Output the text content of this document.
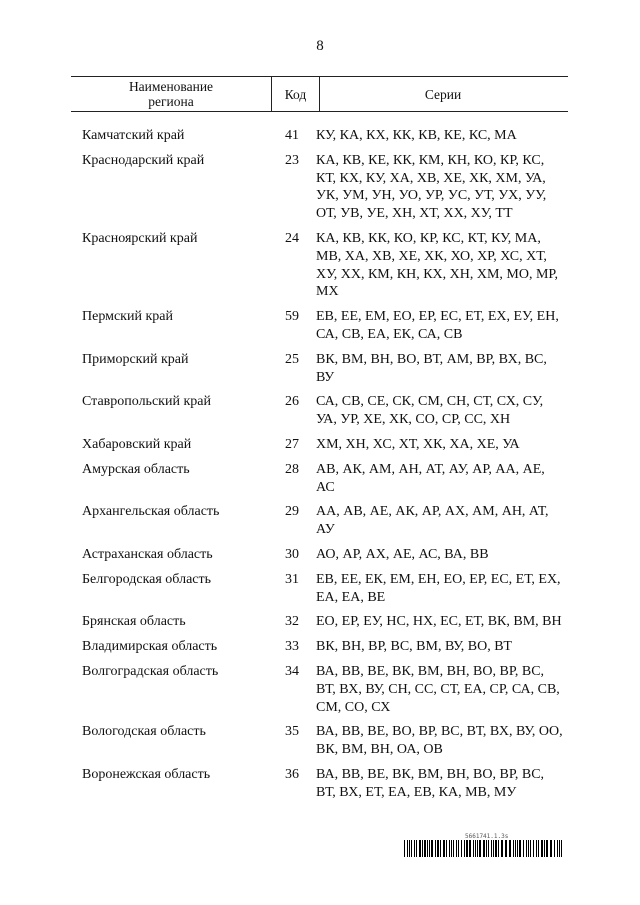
8
Наименование
региона	Код	Серии
Камчатский край	41	КУ, КА, КХ, КК, КВ, КЕ, КС, МА
Краснодарский край	23	КА, КВ, КЕ, КК, КМ, КН, КО, КР, КС, КТ, КХ, КУ, ХА, ХВ, ХЕ, ХК, ХМ, УА, УК, УМ, УН, УО, УР, УС, УТ, УХ, УУ, ОТ, УВ, УЕ, ХН, ХТ, ХХ, ХУ, ТТ
Красноярский край	24	КА, КВ, КК, КО, КР, КС, КТ, КУ, МА, МВ, ХА, ХВ, ХЕ, ХК, ХО, ХР, ХС, ХТ, ХУ, ХХ, КМ, КН, КХ, ХН, ХМ, МО, МР, МХ
Пермский край	59	ЕВ, ЕЕ, ЕМ, ЕО, ЕР, ЕС, ЕТ, ЕХ, ЕУ, ЕН, СА, СВ, ЕА, ЕК, СА, СВ
Приморский край	25	ВК, ВМ, ВН, ВО, ВТ, АМ, ВР, ВХ, ВС, ВУ
Ставропольский край	26	СА, СВ, СЕ, СК, СМ, СН, СТ, СХ, СУ, УА, УР, ХЕ, ХК, СО, СР, СС, ХН
Хабаровский край	27	ХМ, ХН, ХС, ХТ, ХК, ХА, ХЕ, УА
Амурская область	28	АВ, АК, АМ, АН, АТ, АУ, АР, АА, АЕ, АС
Архангельская область	29	АА, АВ, АЕ, АК, АР, АХ, АМ, АН, АТ, АУ
Астраханская область	30	АО, АР, АХ, АЕ, АС, ВА, ВВ
Белгородская область	31	ЕВ, ЕЕ, ЕК, ЕМ, ЕН, ЕО, ЕР, ЕС, ЕТ, ЕХ, ЕА, ЕА, ВЕ
Брянская область	32	ЕО, ЕР, ЕУ, НС, НХ, ЕС, ЕТ, ВК, ВМ, ВН
Владимирская область	33	ВК, ВН, ВР, ВС, ВМ, ВУ, ВО, ВТ
Волгоградская область	34	ВА, ВВ, ВЕ, ВК, ВМ, ВН, ВО, ВР, ВС, ВТ, ВХ, ВУ, СН, СС, СТ, ЕА, СР, СА, СВ, СМ, СО, СХ
Вологодская область	35	ВА, ВВ, ВЕ, ВО, ВР, ВС, ВТ, ВХ, ВУ, ОО, ВК, ВМ, ВН, ОА, ОВ
Воронежская область	36	ВА, ВВ, ВЕ, ВК, ВМ, ВН, ВО, ВР, ВС, ВТ, ВХ, ЕТ, ЕА, ЕВ, КА, МВ, МУ
5661741.1.3s
